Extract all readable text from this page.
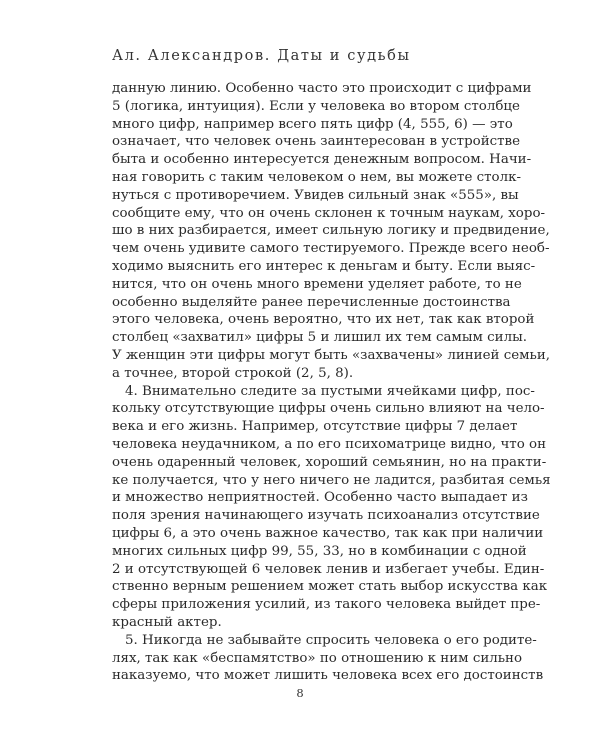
Ал. Александров. Даты и судьбы
данную линию. Особенно часто это происходит с цифрами
5 (логика, интуиция). Если у человека во втором столбце
много цифр, например всего пять цифр (4, 555, 6) — это
означает, что человек очень заинтересован в устройстве
быта и особенно интересуется денежным вопросом. Начи-
ная говорить с таким человеком о нем, вы можете столк-
нуться с противоречием. Увидев сильный знак «555», вы
сообщите ему, что он очень склонен к точным наукам, хоро-
шо в них разбирается, имеет сильную логику и предвидение,
чем очень удивите самого тестируемого. Прежде всего необ-
ходимо выяснить его интерес к деньгам и быту. Если выяс-
нится, что он очень много времени уделяет работе, то не
особенно выделяйте ранее перечисленные достоинства
этого человека, очень вероятно, что их нет, так как второй
столбец «захватил» цифры 5 и лишил их тем самым силы.
У женщин эти цифры могут быть «захвачены» линией семьи,
а точнее, второй строкой (2, 5, 8).
4. Внимательно следите за пустыми ячейками цифр, пос-
кольку отсутствующие цифры очень сильно влияют на чело-
века и его жизнь. Например, отсутствие цифры 7 делает
человека неудачником, а по его психоматрице видно, что он
очень одаренный человек, хороший семьянин, но на практи-
ке получается, что у него ничего не ладится, разбитая семья
и множество неприятностей. Особенно часто выпадает из
поля зрения начинающего изучать психоанализ отсутствие
цифры 6, а это очень важное качество, так как при наличии
многих сильных цифр 99, 55, 33, но в комбинации с одной
2 и отсутствующей 6 человек ленив и избегает учебы. Един-
ственно верным решением может стать выбор искусства как
сферы приложения усилий, из такого человека выйдет пре-
красный актер.
5. Никогда не забывайте спросить человека о его родите-
лях, так как «беспамятство» по отношению к ним сильно
наказуемо, что может лишить человека всех его достоинств
8
